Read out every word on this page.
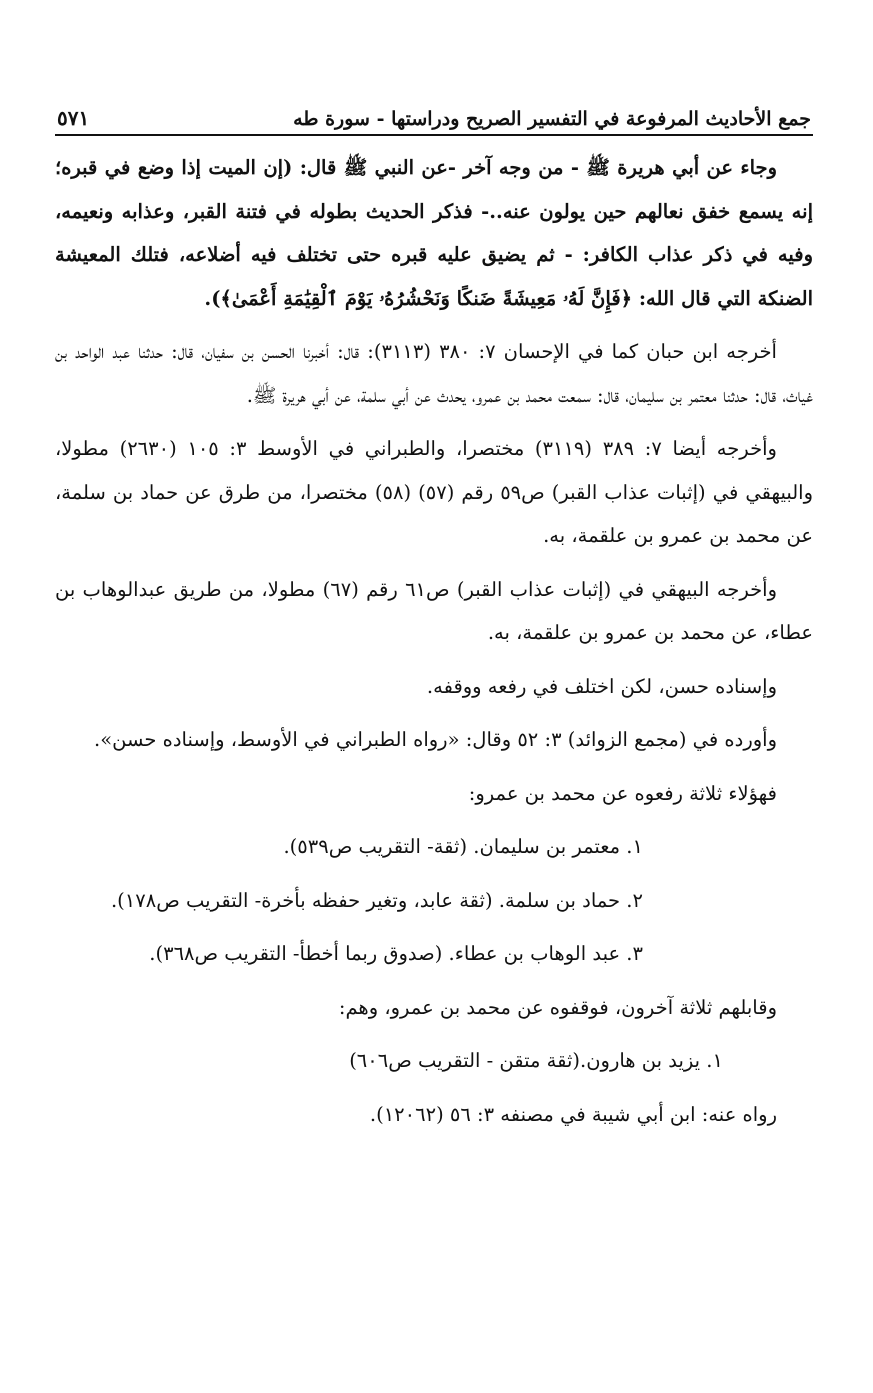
جمع الأحاديث المرفوعة في التفسير الصريح ودراستها - سورة طه
٥٧١

وجاء عن أبي هريرة ﷺ - من وجه آخر -عن النبي ﷺ قال: (إن الميت إذا وضع في قبره؛ إنه يسمع خفق نعالهم حين يولون عنه..- فذكر الحديث بطوله في فتنة القبر، وعذابه ونعيمه، وفيه في ذكر عذاب الكافر: - ثم يضيق عليه قبره حتى تختلف فيه أضلاعه، فتلك المعيشة الضنكة التي قال الله: ﴿فَإِنَّ لَهُۥ مَعِيشَةً ضَنكًا وَنَحْشُرُهُۥ يَوْمَ ٱلْقِيَٰمَةِ أَعْمَىٰ﴾).

أخرجه ابن حبان كما في الإحسان ٧: ٣٨٠ (٣١١٣): قال: أخبرنا الحسن بن سفيان، قال: حدثنا عبد الواحد بن غياث، قال: حدثنا معتمر بن سليمان، قال: سمعت محمد بن عمرو، يحدث عن أبي سلمة، عن أبي هريرة ﷺ.

وأخرجه أيضا ٧: ٣٨٩ (٣١١٩) مختصرا، والطبراني في الأوسط ٣: ١٠٥ (٢٦٣٠) مطولا، والبيهقي في (إثبات عذاب القبر) ص٥٩ رقم (٥٧) (٥٨) مختصرا، من طرق عن حماد بن سلمة، عن محمد بن عمرو بن علقمة، به.

وأخرجه البيهقي في (إثبات عذاب القبر) ص٦١ رقم (٦٧) مطولا، من طريق عبدالوهاب بن عطاء، عن محمد بن عمرو بن علقمة، به.

وإسناده حسن، لكن اختلف في رفعه ووقفه.
وأورده في (مجمع الزوائد) ٣: ٥٢ وقال: «رواه الطبراني في الأوسط، وإسناده حسن».
فهؤلاء ثلاثة رفعوه عن محمد بن عمرو:
١. معتمر بن سليمان. (ثقة- التقريب ص٥٣٩).
٢. حماد بن سلمة. (ثقة عابد، وتغير حفظه بأخرة- التقريب ص١٧٨).
٣. عبد الوهاب بن عطاء. (صدوق ربما أخطأ- التقريب ص٣٦٨).
وقابلهم ثلاثة آخرون، فوقفوه عن محمد بن عمرو، وهم:
١. يزيد بن هارون.(ثقة متقن - التقريب ص٦٠٦)
رواه عنه: ابن أبي شيبة في مصنفه ٣: ٥٦ (١٢٠٦٢).
